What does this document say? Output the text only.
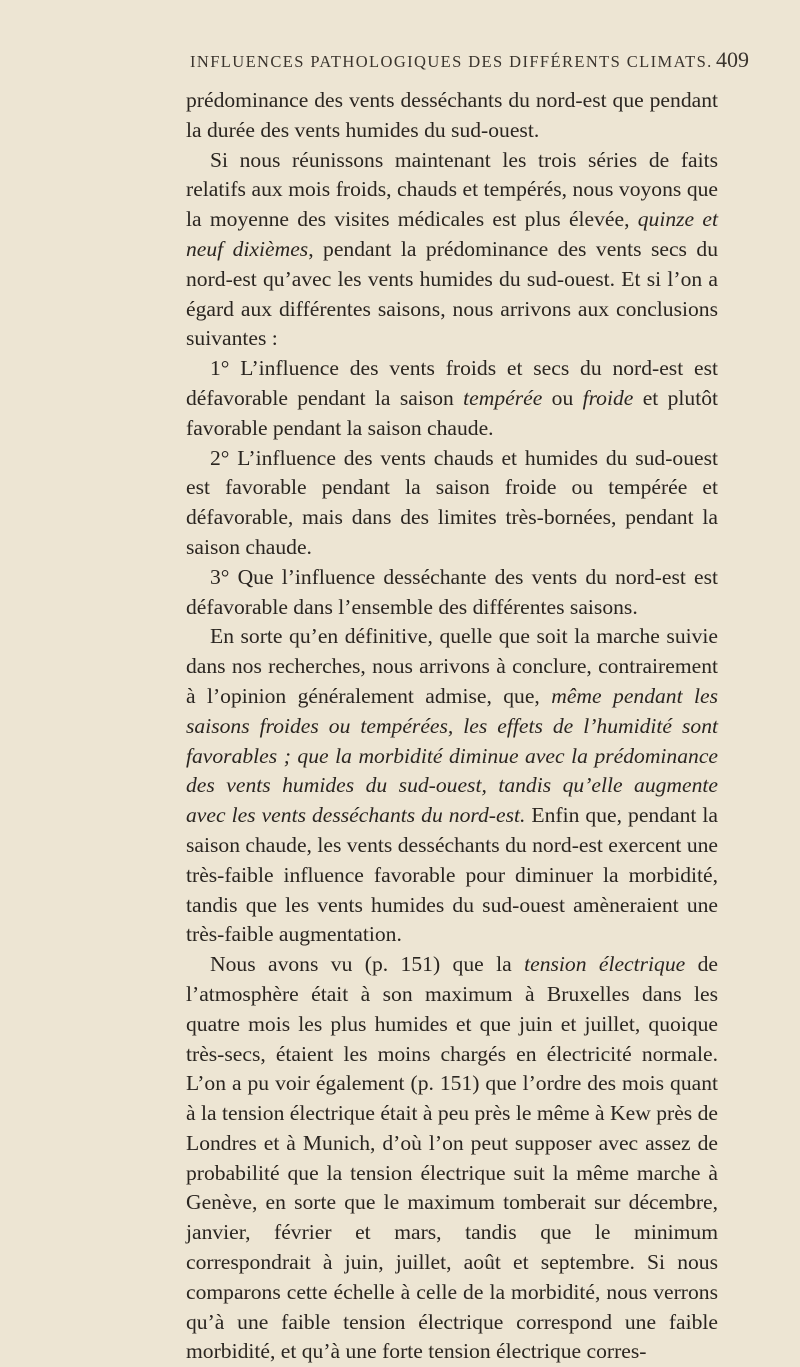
INFLUENCES PATHOLOGIQUES DES DIFFÉRENTS CLIMATS. 409

prédominance des vents desséchants du nord-est que pendant la durée des vents humides du sud-ouest.

Si nous réunissons maintenant les trois séries de faits relatifs aux mois froids, chauds et tempérés, nous voyons que la moyenne des visites médicales est plus élevée, quinze et neuf dixièmes, pendant la prédominance des vents secs du nord-est qu’avec les vents humides du sud-ouest. Et si l’on a égard aux différentes saisons, nous arrivons aux conclusions suivantes :

1° L’influence des vents froids et secs du nord-est est défavorable pendant la saison tempérée ou froide et plutôt favorable pendant la saison chaude.

2° L’influence des vents chauds et humides du sud-ouest est favorable pendant la saison froide ou tempérée et défavorable, mais dans des limites très-bornées, pendant la saison chaude.

3° Que l’influence desséchante des vents du nord-est est défavorable dans l’ensemble des différentes saisons.

En sorte qu’en définitive, quelle que soit la marche suivie dans nos recherches, nous arrivons à conclure, contrairement à l’opinion généralement admise, que, même pendant les saisons froides ou tempérées, les effets de l’humidité sont favorables ; que la morbidité diminue avec la prédominance des vents humides du sud-ouest, tandis qu’elle augmente avec les vents desséchants du nord-est. Enfin que, pendant la saison chaude, les vents desséchants du nord-est exercent une très-faible influence favorable pour diminuer la morbidité, tandis que les vents humides du sud-ouest amèneraient une très-faible augmentation.

Nous avons vu (p. 151) que la tension électrique de l’atmosphère était à son maximum à Bruxelles dans les quatre mois les plus humides et que juin et juillet, quoique très-secs, étaient les moins chargés en électricité normale. L’on a pu voir également (p. 151) que l’ordre des mois quant à la tension électrique était à peu près le même à Kew près de Londres et à Munich, d’où l’on peut supposer avec assez de probabilité que la tension électrique suit la même marche à Genève, en sorte que le maximum tomberait sur décembre, janvier, février et mars, tandis que le minimum correspondrait à juin, juillet, août et septembre. Si nous comparons cette échelle à celle de la morbidité, nous verrons qu’à une faible tension électrique correspond une faible morbidité, et qu’à une forte tension électrique corres-
